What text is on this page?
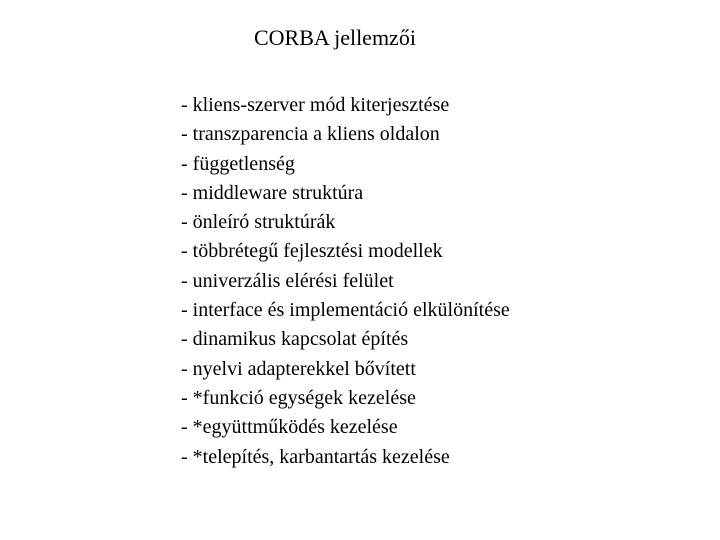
CORBA jellemzői
- kliens-szerver mód kiterjesztése
- transzparencia a kliens oldalon
- függetlenség
- middleware struktúra
- önleíró struktúrák
- többrétegű fejlesztési modellek
- univerzális elérési felület
- interface és implementáció elkülönítése
- dinamikus kapcsolat építés
- nyelvi adapterekkel bővített
- *funkció egységek kezelése
- *együttműködés kezelése
- *telepítés, karbantartás kezelése
